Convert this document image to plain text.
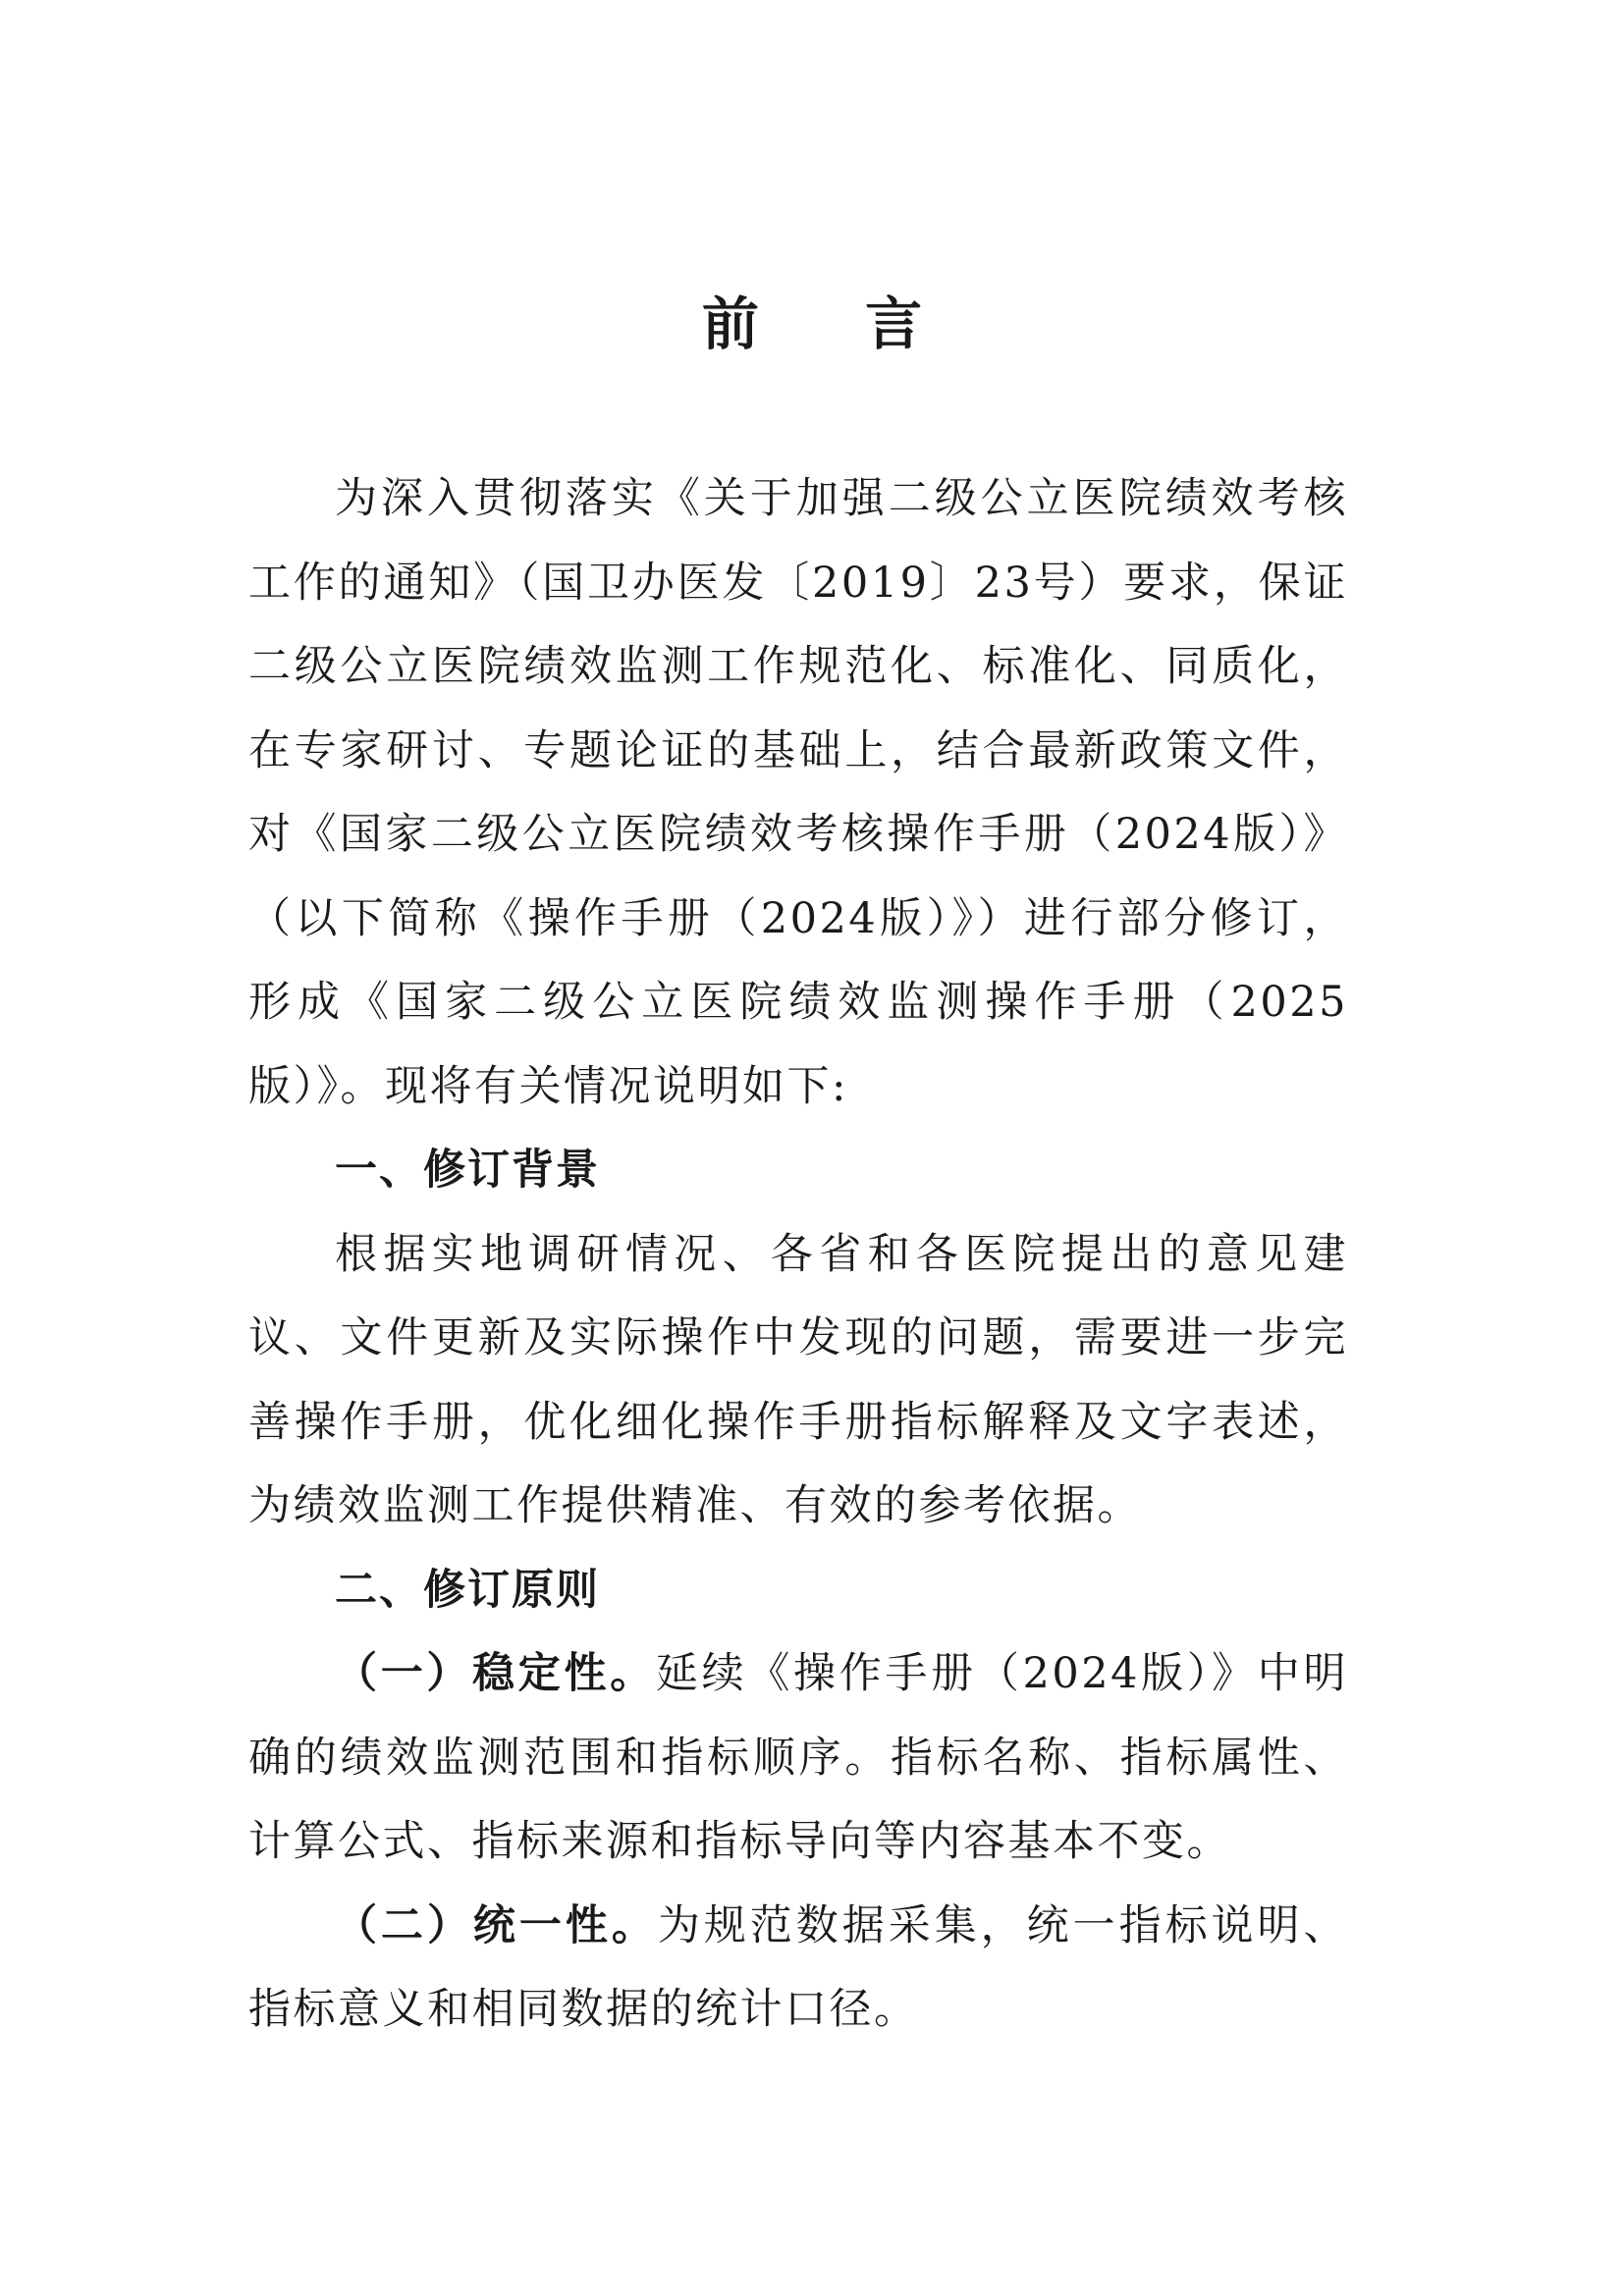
前 言

为深入贯彻落实《关于加强二级公立医院绩效考核工作的通知》（国卫办医发〔2019〕23号）要求，保证二级公立医院绩效监测工作规范化、标准化、同质化，在专家研讨、专题论证的基础上，结合最新政策文件，对《国家二级公立医院绩效考核操作手册（2024版）》（以下简称《操作手册（2024版）》）进行部分修订，形成《国家二级公立医院绩效监测操作手册（2025版）》。现将有关情况说明如下:

一、修订背景

根据实地调研情况、各省和各医院提出的意见建议、文件更新及实际操作中发现的问题，需要进一步完善操作手册，优化细化操作手册指标解释及文字表述，为绩效监测工作提供精准、有效的参考依据。

二、修订原则

（一）稳定性。延续《操作手册（2024版）》中明确的绩效监测范围和指标顺序。指标名称、指标属性、计算公式、指标来源和指标导向等内容基本不变。

（二）统一性。为规范数据采集，统一指标说明、指标意义和相同数据的统计口径。
